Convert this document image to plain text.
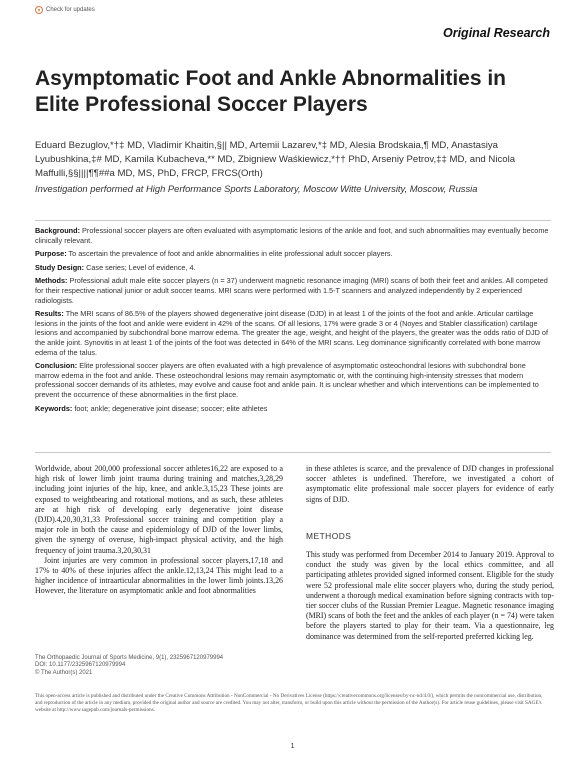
Check for updates
Original Research
Asymptomatic Foot and Ankle Abnormalities in Elite Professional Soccer Players
Eduard Bezuglov,*†‡ MD, Vladimir Khaitin,§|| MD, Artemii Lazarev,*‡ MD, Alesia Brodskaia,¶ MD, Anastasiya Lyubushkina,‡# MD, Kamila Kubacheva,** MD, Zbigniew Waśkiewicz,*†† PhD, Arseniy Petrov,‡‡ MD, and Nicola Maffulli,§§||||¶¶##a MD, MS, PhD, FRCP, FRCS(Orth)
Investigation performed at High Performance Sports Laboratory, Moscow Witte University, Moscow, Russia

Background: Professional soccer players are often evaluated with asymptomatic lesions of the ankle and foot, and such abnormalities may eventually become clinically relevant.

Purpose: To ascertain the prevalence of foot and ankle abnormalities in elite professional adult soccer players.

Study Design: Case series; Level of evidence, 4.

Methods: Professional adult male elite soccer players (n = 37) underwent magnetic resonance imaging (MRI) scans of both their feet and ankles. All competed for their respective national junior or adult soccer teams. MRI scans were performed with 1.5-T scanners and analyzed independently by 2 experienced radiologists.

Results: The MRI scans of 86.5% of the players showed degenerative joint disease (DJD) in at least 1 of the joints of the foot and ankle. Articular cartilage lesions in the joints of the foot and ankle were evident in 42% of the scans. Of all lesions, 17% were grade 3 or 4 (Noyes and Stabler classification) cartilage lesions and accompanied by subchondral bone marrow edema. The greater the age, weight, and height of the players, the greater was the odds ratio of DJD of the ankle joint. Synovitis in at least 1 of the joints of the foot was detected in 64% of the MRI scans. Leg dominance significantly correlated with bone marrow edema of the talus.

Conclusion: Elite professional soccer players are often evaluated with a high prevalence of asymptomatic osteochondral lesions with subchondral bone marrow edema in the foot and ankle. These osteochondral lesions may remain asymptomatic or, with the continuing high-intensity stresses that modern professional soccer demands of its athletes, may evolve and cause foot and ankle pain. It is unclear whether and which interventions can be implemented to prevent the occurrence of these abnormalities in the first place.

Keywords: foot; ankle; degenerative joint disease; soccer; elite athletes

Worldwide, about 200,000 professional soccer athletes16,22 are exposed to a high risk of lower limb joint trauma during training and matches,3,28,29 including joint injuries of the hip, knee, and ankle.3,15,23 These joints are exposed to weightbearing and rotational motions, and as such, these athletes are at high risk of developing early degenerative joint disease (DJD).4,20,30,31,33 Professional soccer training and competition play a major role in both the cause and epidemiology of DJD of the lower limbs, given the synergy of overuse, high-impact physical activity, and the high frequency of joint trauma.3,20,30,31

Joint injuries are very common in professional soccer players,17,18 and 17% to 40% of these injuries affect the ankle.12,13,24 This might lead to a higher incidence of intraarticular abnormalities in the lower limb joints.13,26 However, the literature on asymptomatic ankle and foot abnormalities

in these athletes is scarce, and the prevalence of DJD changes in professional soccer athletes is undefined. Therefore, we investigated a cohort of asymptomatic elite professional male soccer players for evidence of early signs of DJD.

METHODS

This study was performed from December 2014 to January 2019. Approval to conduct the study was given by the local ethics committee, and all participating athletes provided signed informed consent. Eligible for the study were 52 professional male elite soccer players who, during the study period, underwent a thorough medical examination before signing contracts with top-tier soccer clubs of the Russian Premier League. Magnetic resonance imaging (MRI) scans of both the feet and the ankles of each player (n = 74) were taken before the players started to play for their team. Via a questionnaire, leg dominance was determined from the self-reported preferred kicking leg.

The Orthopaedic Journal of Sports Medicine, 9(1), 2325967120979994
DOI: 10.1177/2325967120979994
© The Author(s) 2021
This open-access article is published and distributed under the Creative Commons Attribution - NonCommercial - No Derivatives License (https://creativecommons.org/licenses/by-nc-nd/4.0/), which permits the noncommercial use, distribution, and reproduction of the article in any medium, provided the original author and source are credited. You may not alter, transform, or build upon this article without the permission of the Author(s). For article reuse guidelines, please visit SAGE's website at http://www.sagepub.com/journals-permissions.
1
